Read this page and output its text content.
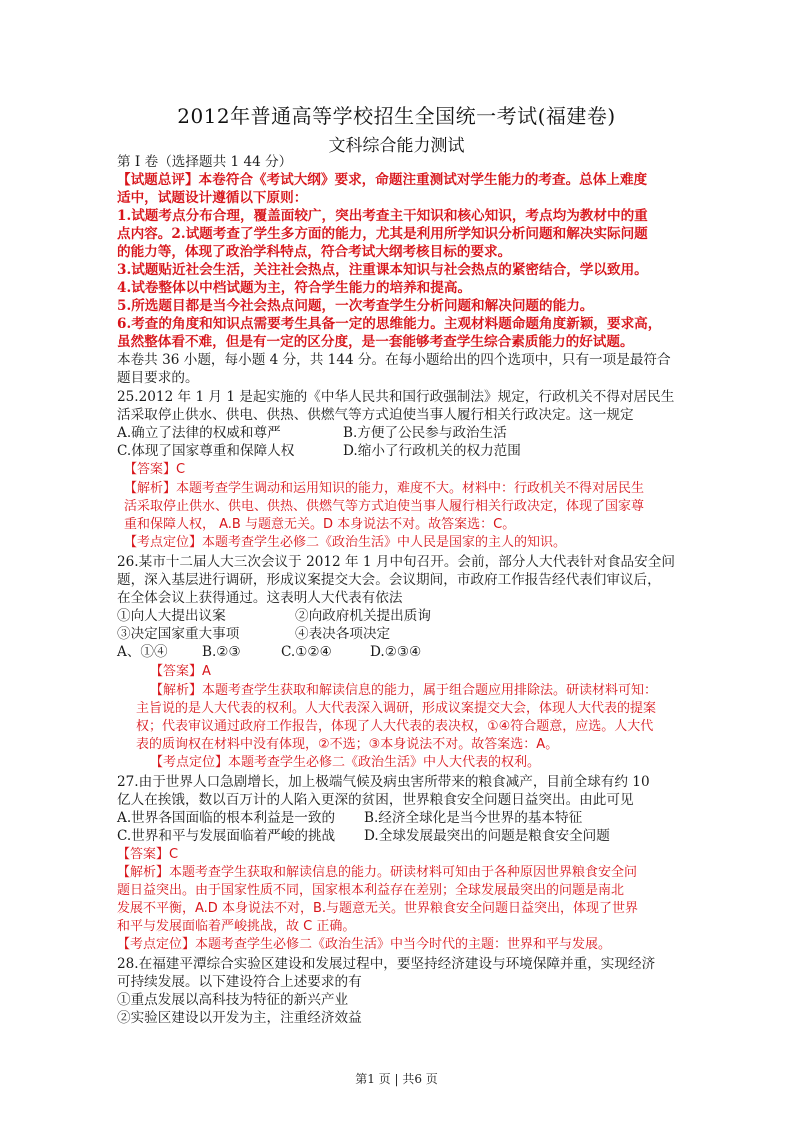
2012年普通高等学校招生全国统一考试(福建卷)
文科综合能力测试
第 I 卷（选择题共 1 44 分）
【试题总评】本卷符合《考试大纲》要求，命题注重测试对学生能力的考查。总体上难度
适中，试题设计遵循以下原则：
1.试题考点分布合理，覆盖面较广，突出考查主干知识和核心知识，考点均为教材中的重
点内容。2.试题考查了学生多方面的能力，尤其是利用所学知识分析问题和解决实际问题
的能力等，体现了政治学科特点，符合考试大纲考核目标的要求。
3.试题贴近社会生活，关注社会热点，注重课本知识与社会热点的紧密结合，学以致用。
4.试卷整体以中档试题为主，符合学生能力的培养和提高。
5.所选题目都是当今社会热点问题，一次考查学生分析问题和解决问题的能力。
6.考查的角度和知识点需要考生具备一定的思维能力。主观材料题命题角度新颖，要求高，
虽然整体看不难，但是有一定的区分度，是一套能够考查学生综合素质能力的好试题。
本卷共 36 小题，每小题 4 分，共 144 分。在每小题给出的四个选项中，只有一项是最符合
题目要求的。
25.2012 年 1 月 1 是起实施的《中华人民共和国行政强制法》规定，行政机关不得对居民生
活采取停止供水、供电、供热、供燃气等方式迫使当事人履行相关行政决定。这一规定
A.确立了法律的权威和尊严	B.方便了公民参与政治生活
C.体现了国家尊重和保障人权	D.缩小了行政机关的权力范围
【答案】C
【解析】本题考查学生调动和运用知识的能力，难度不大。材料中：行政机关不得对居民生
活采取停止供水、供电、供热、供燃气等方式迫使当事人履行相关行政决定，体现了国家尊
重和保障人权， A.B 与题意无关。D 本身说法不对。故答案选：C。
【考点定位】本题考查学生必修二《政治生活》中人民是国家的主人的知识。
26.某市十二届人大三次会议于 2012 年 1 月中旬召开。会前，部分人大代表针对食品安全问
题，深入基层进行调研，形成议案提交大会。会议期间，市政府工作报告经代表们审议后，
在全体会议上获得通过。这表明人大代表有依法
①向人大提出议案	②向政府机关提出质询
③决定国家重大事项	④表决各项决定
A、①④	B.②③	C.①②④	D.②③④
【答案】A
【解析】本题考查学生获取和解读信息的能力，属于组合题应用排除法。研读材料可知：
主旨说的是人大代表的权利。人大代表深入调研，形成议案提交大会，体现人大代表的提案
权；代表审议通过政府工作报告，体现了人大代表的表决权，①④符合题意，应选。人大代
表的质询权在材料中没有体现，②不选；③本身说法不对。故答案选：A。
【考点定位】本题考查学生必修二《政治生活》中人大代表的权利。
27.由于世界人口急剧增长，加上极端气候及病虫害所带来的粮食减产，目前全球有约 10
亿人在挨饿，数以百万计的人陷入更深的贫困，世界粮食安全问题日益突出。由此可见
A.世界各国面临的根本利益是一致的 B.经济全球化是当今世界的基本特征
C.世界和平与发展面临着严峻的挑战 D.全球发展最突出的问题是粮食安全问题
【答案】C
【解析】本题考查学生获取和解读信息的能力。研读材料可知由于各种原因世界粮食安全问
题日益突出。由于国家性质不同，国家根本利益存在差别；全球发展最突出的问题是南北
发展不平衡，A.D 本身说法不对，B.与题意无关。世界粮食安全问题日益突出，体现了世界
和平与发展面临着严峻挑战，故 C 正确。
【考点定位】本题考查学生必修二《政治生活》中当今时代的主题：世界和平与发展。
28.在福建平潭综合实验区建设和发展过程中，要坚持经济建设与环境保障并重，实现经济
可持续发展。以下建设符合上述要求的有
①重点发展以高科技为特征的新兴产业
②实验区建设以开发为主，注重经济效益
第1 页 | 共6 页
